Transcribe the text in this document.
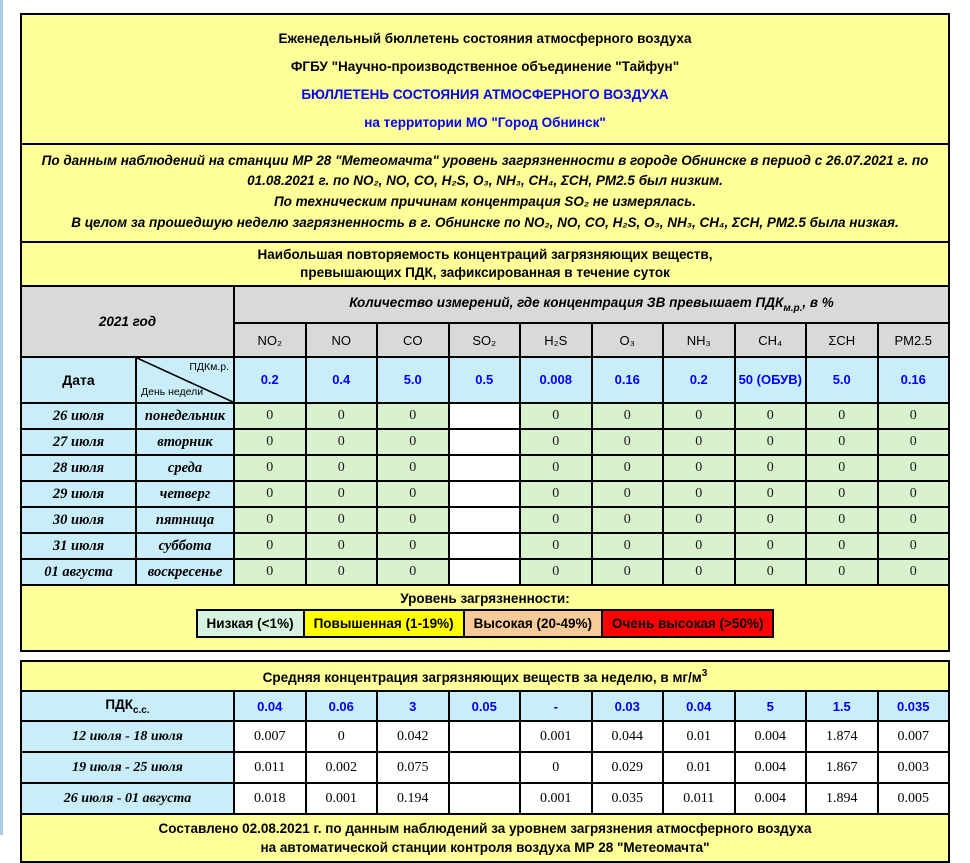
Еженедельный бюллетень состояния атмосферного воздуха
ФГБУ "Научно-производственное объединение "Тайфун"
БЮЛЛЕТЕНЬ СОСТОЯНИЯ АТМОСФЕРНОГО ВОЗДУХА
на территории МО "Город Обнинск"

По данным наблюдений на станции МР 28 "Метеомачта" уровень загрязненности в городе Обнинске в период с 26.07.2021 г. по 01.08.2021 г. по NO₂, NO, CO, H₂S, O₃, NH₃, CH₄, ΣCH, PM2.5 был низким.

По техническим причинам концентрация SO₂ не измерялась.

В целом за прошедшую неделю загрязненность в г. Обнинске по NO₂, NO, CO, H₂S, O₃, NH₃, CH₄, ΣCH, PM2.5 была низкая.

Наибольшая повторяемость концентраций загрязняющих веществ,
превышающих ПДК, зафиксированная в течение суток											

2021 год		Количество измерений, где концентрация ЗВ превышает $ПДК_{м.р.}$, в %									
		NO₂	NO	CO	SO₂	H₂S	O₃	NH₃	CH₄	ΣCH	PM2.5
Дата	ПДКм.р.
День недели	0.2	0.4	5.0	0.5	0.008	0.16	0.2	50 (ОБУВ)	5.0	0.16
26 июля	понедельник	0	0	0		0	0	0	0	0	0
27 июля	вторник	0	0	0		0	0	0	0	0	0
28 июля	среда	0	0	0		0	0	0	0	0	0
29 июля	четверг	0	0	0		0	0	0	0	0	0
30 июля	пятница	0	0	0		0	0	0	0	0	0
31 июля	суббота	0	0	0		0	0	0	0	0	0
01 августа	воскресенье	0	0	0		0	0	0	0	0	0

Уровень загрязненности:
Низкая (<1%) Повышенная (1-19%) Высокая (20-49%) Очень высокая (>50%)											
Средняя концентрация загрязняющих веществ за неделю, в $мг/м^3$
$ПДК_{с.с.}$	0.04	0.06	3	0.05	-	0.03	0.04	5	1.5	0.035
12 июля - 18 июля	0.007	0	0.042		0.001	0.044	0.01	0.004	1.874	0.007
19 июля - 25 июля	0.011	0.002	0.075		0	0.029	0.01	0.004	1.867	0.003
26 июля - 01 августа	0.018	0.001	0.194		0.001	0.035	0.011	0.004	1.894	0.005

Составлено 02.08.2021 г. по данным наблюдений за уровнем загрязнения атмосферного воздуха
на автоматической станции контроля воздуха МР 28 "Метеомачта"										
